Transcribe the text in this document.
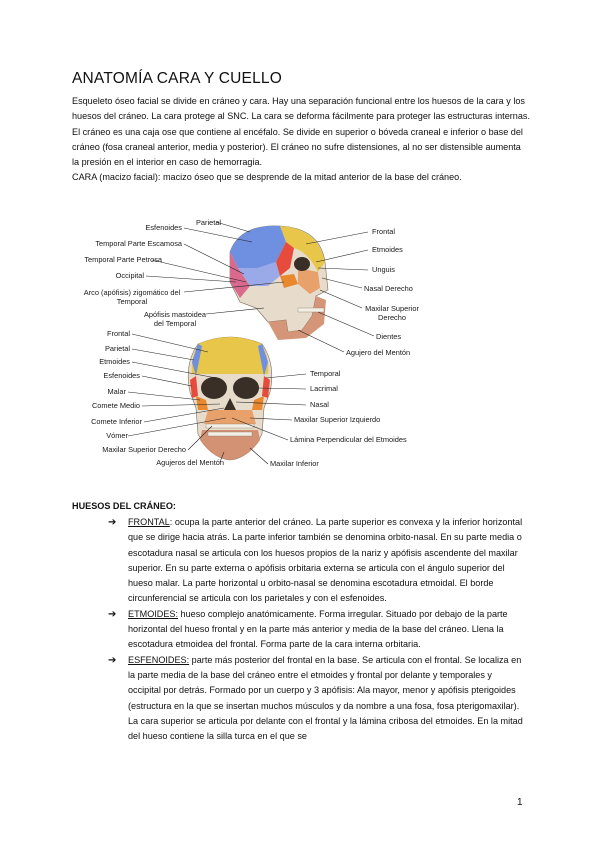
ANATOMÍA CARA Y CUELLO

Esqueleto óseo facial se divide en cráneo y cara. Hay una separación funcional entre los huesos de la cara y los huesos del cráneo. La cara protege al SNC. La cara se deforma fácilmente para proteger las estructuras internas.

El cráneo es una caja ose que contiene al encéfalo. Se divide en superior o bóveda craneal e inferior o base del cráneo (fosa craneal anterior, media y posterior). El cráneo no sufre distensiones, al no ser distensible aumenta la presión en el interior en caso de hemorragia.

CARA (macizo facial): macizo óseo que se desprende de la mitad anterior de la base del cráneo.

Parietal
Esfenoides
Temporal Parte Escamosa
Temporal Parte Petrosa
Occipital
Arco (apófisis) zigomático del Temporal
Apófisis mastoidea del Temporal
Frontal
Etmoides
Unguis
Nasal Derecho
Maxilar Superior Derecho
Dientes
Agujero del Mentón
Frontal
Parietal
Etmoides
Esfenoides
Malar
Comete Medio
Comete Inferior
Vómer
Maxilar Superior Derecho
Agujeros del Mentón
Temporal
Lacrimal
Nasal
Maxilar Superior Izquierdo
Lámina Perpendicular del Etmoides
Maxilar Inferior
HUESOS DEL CRÁNEO:

➔ FRONTAL: ocupa la parte anterior del cráneo. La parte superior es convexa y la inferior horizontal que se dirige hacia atrás. La parte inferior también se denomina orbito-nasal. En su parte media o escotadura nasal se articula con los huesos propios de la nariz y apófisis ascendente del maxilar superior. En su parte externa o apófisis orbitaria externa se articula con el ángulo superior del hueso malar. La parte horizontal u orbito-nasal se denomina escotadura etmoidal. El borde circunferencial se articula con los parietales y con el esfenoides.

➔ ETMOIDES: hueso complejo anatómicamente. Forma irregular. Situado por debajo de la parte horizontal del hueso frontal y en la parte más anterior y media de la base del cráneo. Llena la escotadura etmoidea del frontal. Forma parte de la cara interna orbitaria.

➔ ESFENOIDES: parte más posterior del frontal en la base. Se articula con el frontal. Se localiza en la parte media de la base del cráneo entre el etmoides y frontal por delante y temporales y occipital por detrás. Formado por un cuerpo y 3 apófisis: Ala mayor, menor y apófisis pterigoides (estructura en la que se insertan muchos músculos y da nombre a una fosa, fosa pterigomaxilar). La cara superior se articula por delante con el frontal y la lámina cribosa del etmoides. En la mitad del hueso contiene la silla turca en el que se

1
